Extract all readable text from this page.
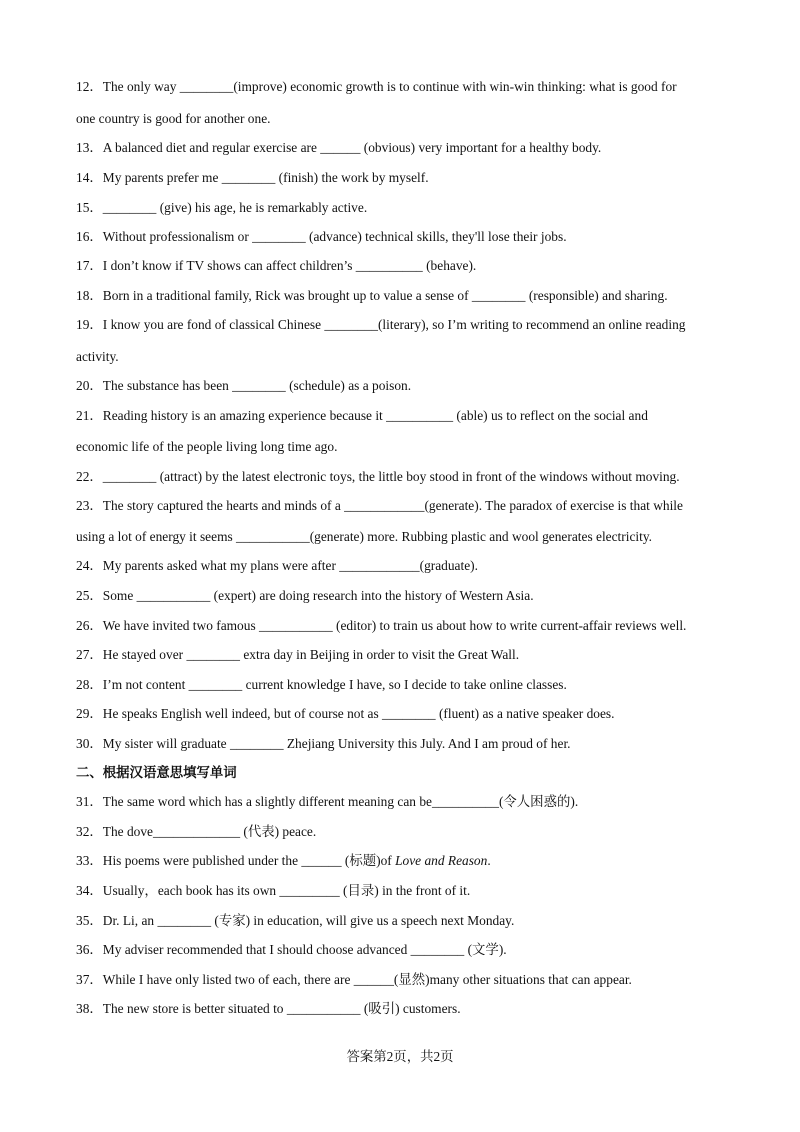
12．The only way ________(improve) economic growth is to continue with win-win thinking: what is good for
one country is good for another one.
13．A balanced diet and regular exercise are ______ (obvious) very important for a healthy body.
14．My parents prefer me ________ (finish) the work by myself.
15．________ (give) his age, he is remarkably active.
16．Without professionalism or ________ (advance) technical skills, they'll lose their jobs.
17．I don’t know if TV shows can affect children’s __________ (behave).
18．Born in a traditional family, Rick was brought up to value a sense of ________ (responsible) and sharing.
19．I know you are fond of classical Chinese ________(literary), so I’m writing to recommend an online reading
activity.
20．The substance has been ________ (schedule) as a poison.
21．Reading history is an amazing experience because it __________ (able) us to reflect on the social and
economic life of the people living long time ago.
22．________ (attract) by the latest electronic toys, the little boy stood in front of the windows without moving.
23．The story captured the hearts and minds of a ____________(generate). The paradox of exercise is that while
using a lot of energy it seems ___________(generate) more. Rubbing plastic and wool generates electricity.
24．My parents asked what my plans were after ____________(graduate).
25．Some ___________ (expert) are doing research into the history of Western Asia.
26．We have invited two famous ___________ (editor) to train us about how to write current-affair reviews well.
27．He stayed over ________ extra day in Beijing in order to visit the Great Wall.
28．I’m not content ________ current knowledge I have, so I decide to take online classes.
29．He speaks English well indeed, but of course not as ________ (fluent) as a native speaker does.
30．My sister will graduate ________ Zhejiang University this July. And I am proud of her.
二、根据汉语意思填写单词
31．The same word which has a slightly different meaning can be__________(令人困惑的).
32．The dove_____________ (代表) peace.
33．His poems were published under the ______ (标题)of Love and Reason.
34．Usually，each book has its own _________ (目录) in the front of it.
35．Dr. Li, an ________ (专家) in education, will give us a speech next Monday.
36．My adviser recommended that I should choose advanced ________ (文学).
37．While I have only listed two of each, there are ______(显然)many other situations that can appear.
38．The new store is better situated to ___________ (吸引) customers.
答案第2页，共2页
